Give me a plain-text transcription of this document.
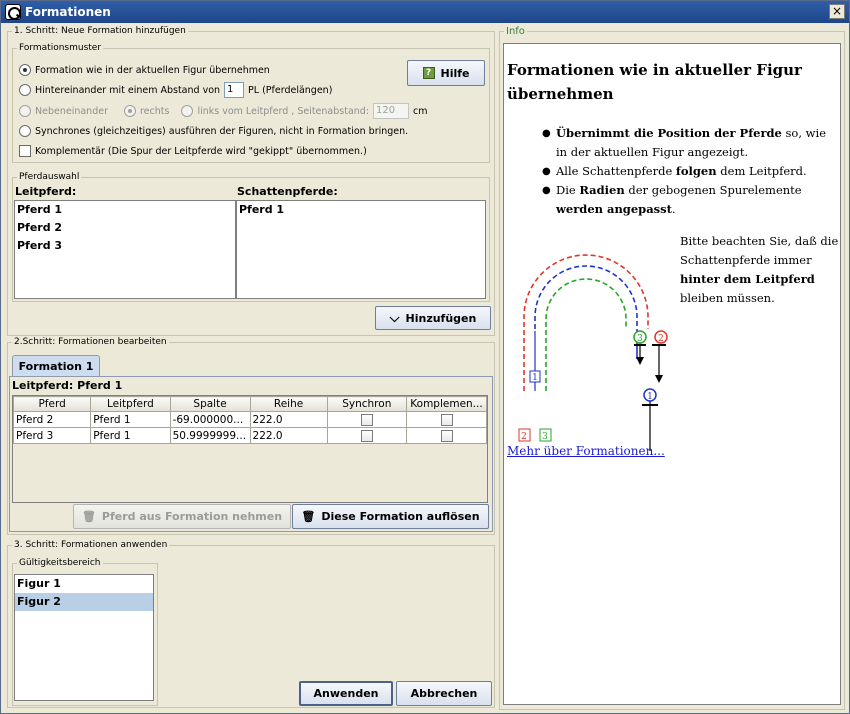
Formationen	×
1. Schritt: Neue Formation hinzufügen
Formationsmuster
Formation wie in der aktuellen Figur übernehmen
Hintereinander mit einem Abstand von 1	PL (Pferdelängen)
Nebeneinander	rechts	links vom Leitpferd , Seitenabstand: 120	cm
Synchrones (gleichzeitiges) ausführen der Figuren, nicht in Formation bringen.
Komplementär (Die Spur der Leitpferde wird "gekippt" übernommen.)
? Hilfe
Pferdauswahl
Leitpferd:	Schattenpferde:
Pferd 1
Pferd 2
Pferd 3
Pferd 1
⌵ Hinzufügen
2.Schritt: Formationen bearbeiten
Formation 1
Leitpferd: Pferd 1
Pferd	Leitpferd	Spalte	Reihe	Synchron	Komplemen...
Pferd 2	Pferd 1	-69.000000...	222.0		
Pferd 3	Pferd 1	50.9999999...	222.0		
🗑 Pferd aus Formation nehmen 🗑 Diese Formation auflösen
3. Schritt: Formationen anwenden
Gültigkeitsbereich
Figur 1
Figur 2
Anwenden	Abbrechen
Info
Formationen wie in aktueller Figur übernehmen
● Übernimmt die Position der Pferde so, wie in der aktuellen Figur angezeigt.
● Alle Schattenpferde folgen dem Leitpferd.
● Die Radien der gebogenen Spurelemente werden angepasst.
Bitte beachten Sie, daß die Schattenpferde immer hinter dem Leitpferd bleiben müssen.
3 2
1
1
2 3
Mehr über Formationen...
